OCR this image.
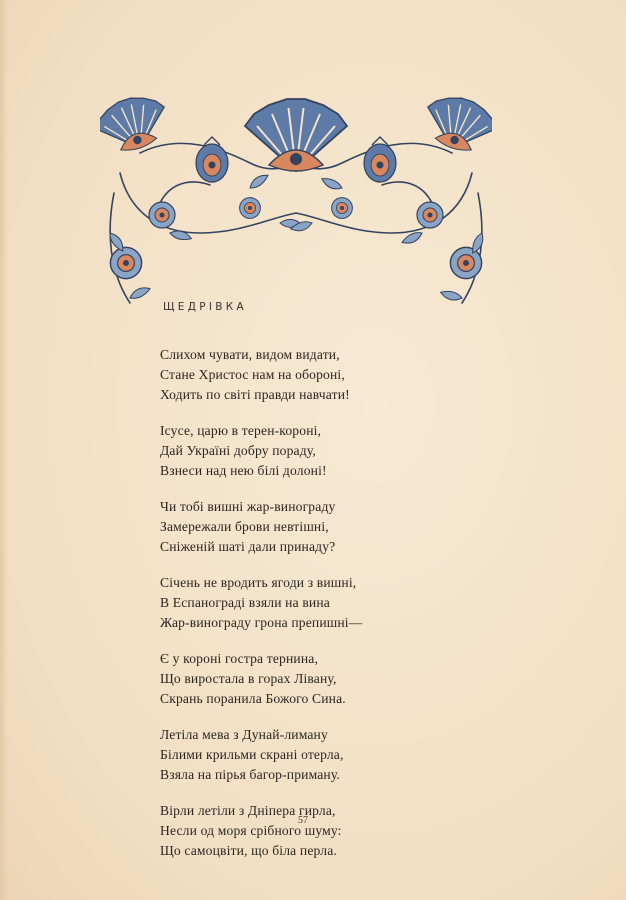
ЩЕДРІВКА
Слихом чувати, видом видати,
Стане Христос нам на обороні,
Ходить по світі правди навчати!
Ісусе, царю в терен-короні,
Дай Україні добру пораду,
Взнеси над нею білі долоні!
Чи тобі вишні жар-винограду
Замережали брови невтішні,
Сніженій шаті дали принаду?
Січень не вродить ягоди з вишні,
В Еспанограді взяли на вина
Жар-винограду грона препишні—
Є у короні гостра тернина,
Що виростала в горах Лівану,
Скрань поранила Божого Сина.
Летіла мева з Дунай-лиману
Білими крильми скрані отерла,
Взяла на пірья багор-приману.
Вірли летіли з Дніпера гирла,
Несли од моря срібного шуму:
Що самоцвіти, що біла перла.
57
